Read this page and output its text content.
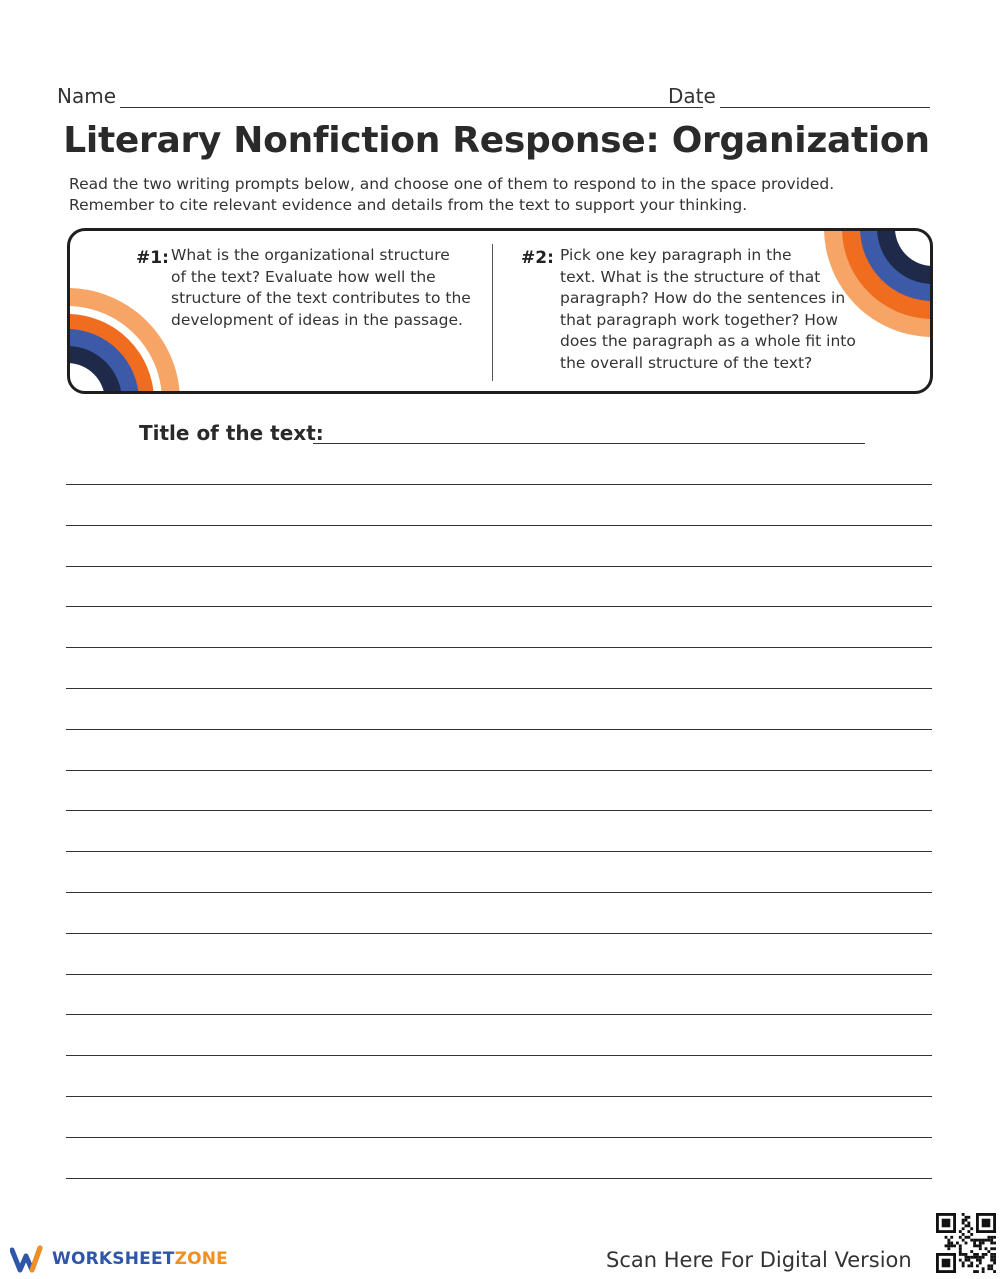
Name	Date
Literary Nonfiction Response: Organization
Read the two writing prompts below, and choose one of them to respond to in the space provided.
Remember to cite relevant evidence and details from the text to support your thinking.
#1: What is the organizational structure
of the text? Evaluate how well the
structure of the text contributes to the
development of ideas in the passage.
#2: Pick one key paragraph in the
text. What is the structure of that
paragraph? How do the sentences in
that paragraph work together? How
does the paragraph as a whole fit into
the overall structure of the text?
Title of the text:
WORKSHEETZONE	Scan Here For Digital Version
